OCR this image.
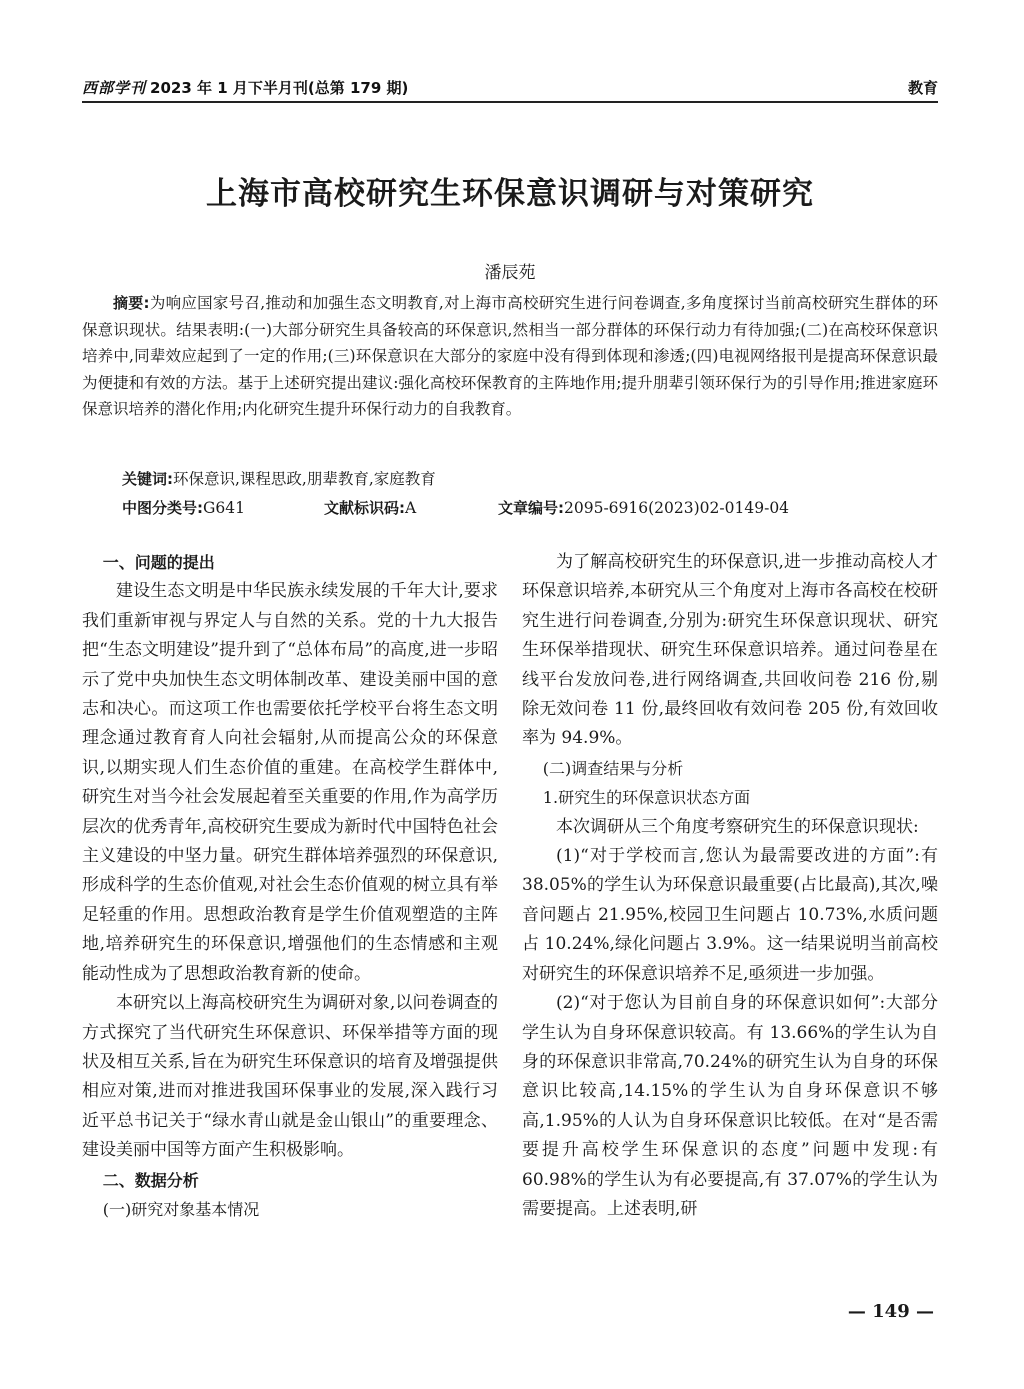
西部学刊 2023 年 1 月下半月刊(总第 179 期)	教育
上海市高校研究生环保意识调研与对策研究
潘辰苑
摘要:为响应国家号召,推动和加强生态文明教育,对上海市高校研究生进行问卷调查,多角度探讨当前高校研究生群体的环保意识现状。结果表明:(一)大部分研究生具备较高的环保意识,然相当一部分群体的环保行动力有待加强;(二)在高校环保意识培养中,同辈效应起到了一定的作用;(三)环保意识在大部分的家庭中没有得到体现和渗透;(四)电视网络报刊是提高环保意识最为便捷和有效的方法。基于上述研究提出建议:强化高校环保教育的主阵地作用;提升朋辈引领环保行为的引导作用;推进家庭环保意识培养的潜化作用;内化研究生提升环保行动力的自我教育。
关键词:环保意识,课程思政,朋辈教育,家庭教育
中图分类号:G641	文献标识码:A	文章编号:2095-6916(2023)02-0149-04

一、问题的提出

建设生态文明是中华民族永续发展的千年大计,要求我们重新审视与界定人与自然的关系。党的十九大报告把“生态文明建设”提升到了“总体布局”的高度,进一步昭示了党中央加快生态文明体制改革、建设美丽中国的意志和决心。而这项工作也需要依托学校平台将生态文明理念通过教育育人向社会辐射,从而提高公众的环保意识,以期实现人们生态价值的重建。在高校学生群体中,研究生对当今社会发展起着至关重要的作用,作为高学历层次的优秀青年,高校研究生要成为新时代中国特色社会主义建设的中坚力量。研究生群体培养强烈的环保意识,形成科学的生态价值观,对社会生态价值观的树立具有举足轻重的作用。思想政治教育是学生价值观塑造的主阵地,培养研究生的环保意识,增强他们的生态情感和主观能动性成为了思想政治教育新的使命。

本研究以上海高校研究生为调研对象,以问卷调查的方式探究了当代研究生环保意识、环保举措等方面的现状及相互关系,旨在为研究生环保意识的培育及增强提供相应对策,进而对推进我国环保事业的发展,深入践行习近平总书记关于“绿水青山就是金山银山”的重要理念、建设美丽中国等方面产生积极影响。

二、数据分析

(一)研究对象基本情况

为了解高校研究生的环保意识,进一步推动高校人才环保意识培养,本研究从三个角度对上海市各高校在校研究生进行问卷调查,分别为:研究生环保意识现状、研究生环保举措现状、研究生环保意识培养。通过问卷星在线平台发放问卷,进行网络调查,共回收问卷 216 份,剔除无效问卷 11 份,最终回收有效问卷 205 份,有效回收率为 94.9%。

(二)调查结果与分析

1.研究生的环保意识状态方面

本次调研从三个角度考察研究生的环保意识现状:

(1)“对于学校而言,您认为最需要改进的方面”:有 38.05%的学生认为环保意识最重要(占比最高),其次,噪音问题占 21.95%,校园卫生问题占 10.73%,水质问题占 10.24%,绿化问题占 3.9%。这一结果说明当前高校对研究生的环保意识培养不足,亟须进一步加强。

(2)“对于您认为目前自身的环保意识如何”:大部分学生认为自身环保意识较高。有 13.66%的学生认为自身的环保意识非常高,70.24%的研究生认为自身的环保意识比较高,14.15%的学生认为自身环保意识不够高,1.95%的人认为自身环保意识比较低。在对“是否需要提升高校学生环保意识的态度”问题中发现:有 60.98%的学生认为有必要提高,有 37.07%的学生认为需要提高。上述表明,研

— 149 —
